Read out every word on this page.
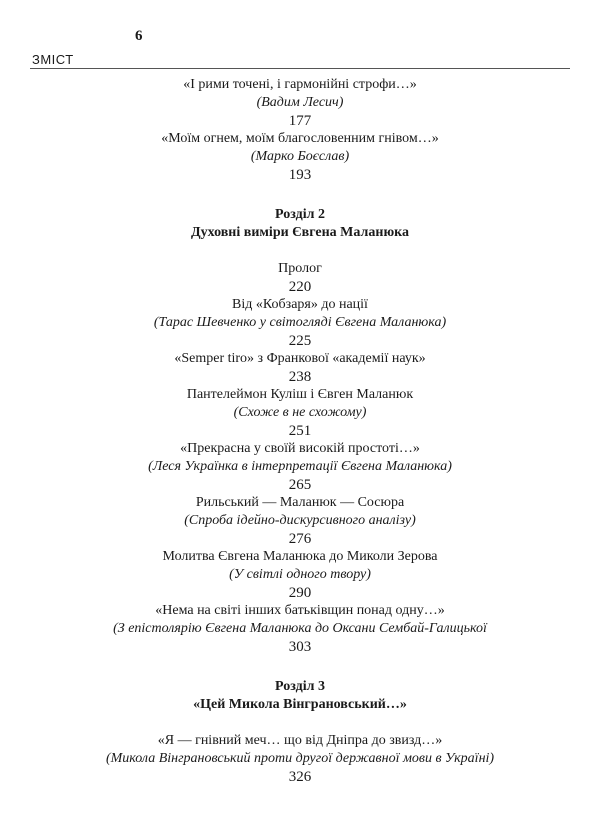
6
ЗМІСТ
«І рими точені, і гармонійні строфи…»
(Вадим Лесич)
177
«Моїм огнем, моїм благословенним гнівом…»
(Марко Боєслав)
193
Розділ 2
Духовні виміри Євгена Маланюка
Пролог
220
Від «Кобзаря» до нації
(Тарас Шевченко у світогляді Євгена Маланюка)
225
«Semper tiro» з Франкової «академії наук»
238
Пантелеймон Куліш і Євген Маланюк
(Схоже в не схожому)
251
«Прекрасна у своїй високій простоті…»
(Леся Українка в інтерпретації Євгена Маланюка)
265
Рильський — Маланюк — Сосюра
(Спроба ідейно-дискурсивного аналізу)
276
Молитва Євгена Маланюка до Миколи Зерова
(У світлі одного твору)
290
«Нема на світі інших батьківщин понад одну…»
(З епістолярію Євгена Маланюка до Оксани Сембай-Галицької
303
Розділ 3
«Цей Микола Вінграновський…»
«Я — гнівний меч… що від Дніпра до звизд…»
(Микола Вінграновський проти другої державної мови в Україні)
326
